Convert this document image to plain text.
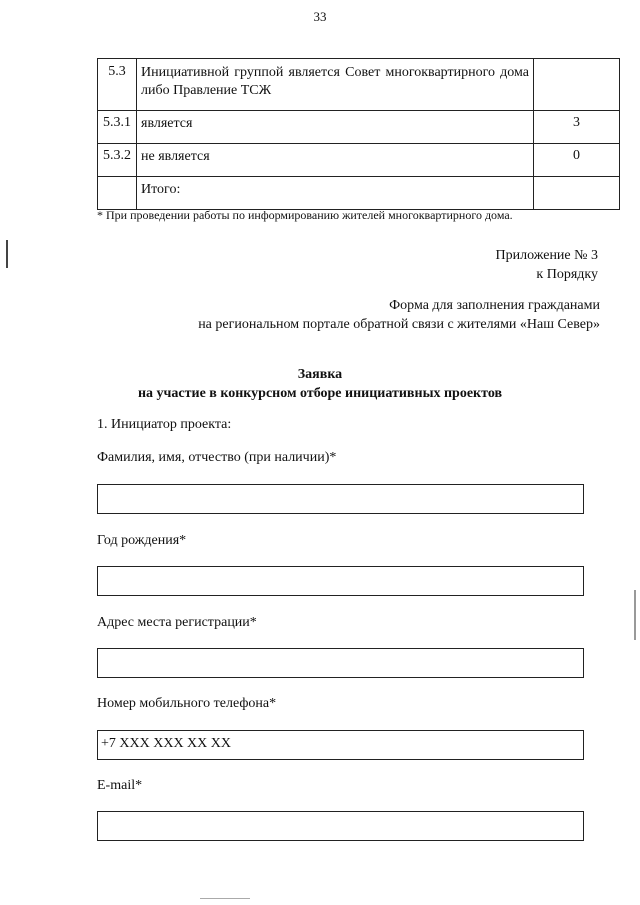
33
5.3	Инициативной группой является Совет многоквартирного дома либо Правление ТСЖ	
5.3.1	является	3
5.3.2	не является	0
	Итого:	
* При проведении работы по информированию жителей многоквартирного дома.
Приложение № 3
к Порядку
Форма для заполнения гражданами
на региональном портале обратной связи с жителями «Наш Север»
Заявка
на участие в конкурсном отборе инициативных проектов
1. Инициатор проекта:
Фамилия, имя, отчество (при наличии)*
Год рождения*
Адрес места регистрации*
Номер мобильного телефона*
+7 XXX XXX XX XX
E-mail*
